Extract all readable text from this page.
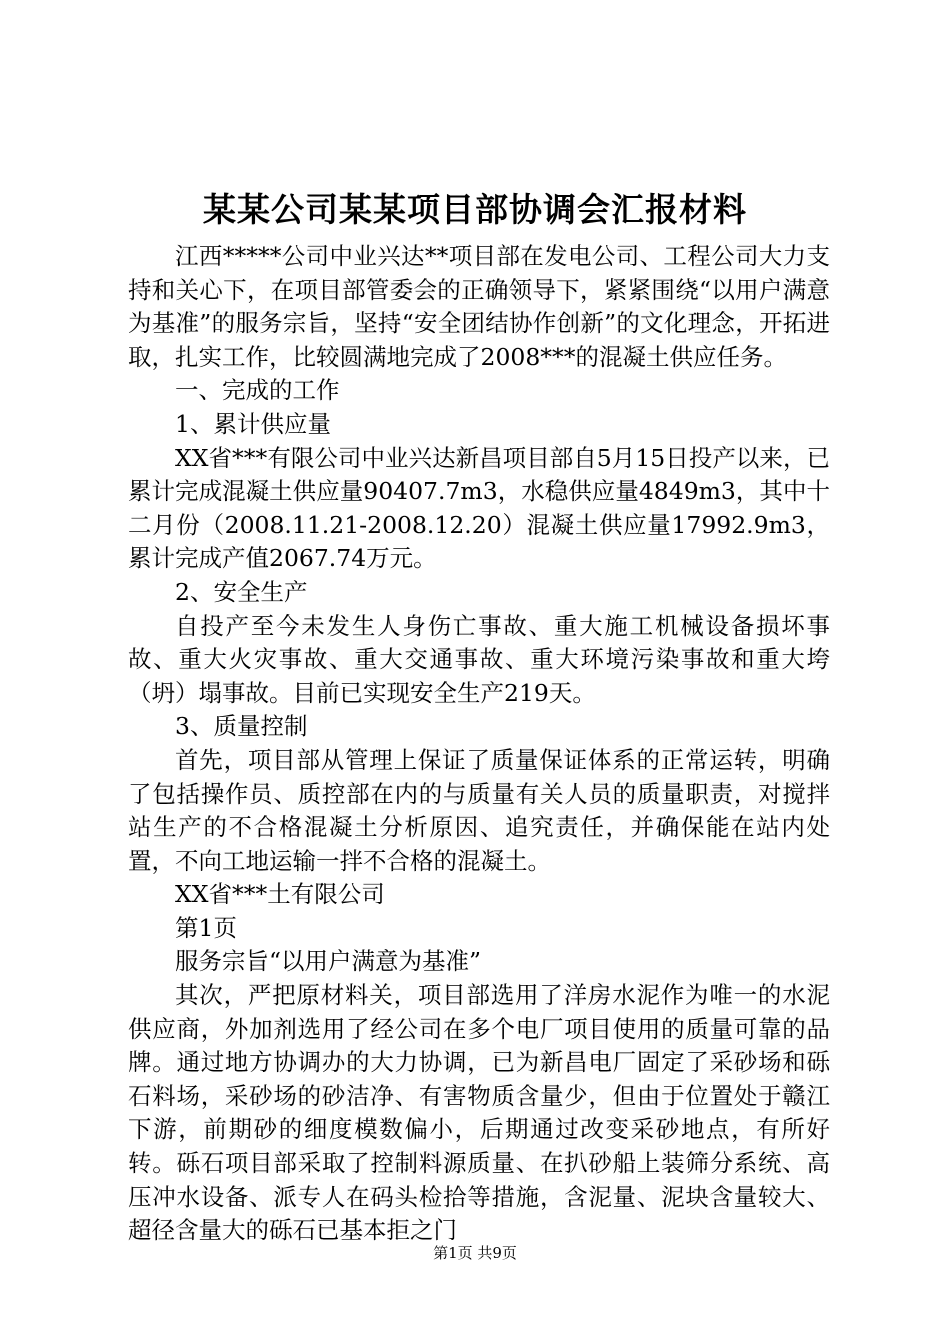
某某公司某某项目部协调会汇报材料

江西*****公司中业兴达**项目部在发电公司、工程公司大力支持和关心下，在项目部管委会的正确领导下，紧紧围绕“以用户满意为基准”的服务宗旨，坚持“安全团结协作创新”的文化理念，开拓进取，扎实工作，比较圆满地完成了2008***的混凝土供应任务。

一、完成的工作

1、累计供应量

XX省***有限公司中业兴达新昌项目部自5月15日投产以来，已累计完成混凝土供应量90407.7m3，水稳供应量4849m3，其中十二月份（2008.11.21-2008.12.20）混凝土供应量17992.9m3，累计完成产值2067.74万元。

2、安全生产

自投产至今未发生人身伤亡事故、重大施工机械设备损坏事故、重大火灾事故、重大交通事故、重大环境污染事故和重大垮（坍）塌事故。目前已实现安全生产219天。

3、质量控制

首先，项目部从管理上保证了质量保证体系的正常运转，明确了包括操作员、质控部在内的与质量有关人员的质量职责，对搅拌站生产的不合格混凝土分析原因、追究责任，并确保能在站内处置，不向工地运输一拌不合格的混凝土。

XX省***土有限公司

第1页

服务宗旨“以用户满意为基准”

其次，严把原材料关，项目部选用了洋房水泥作为唯一的水泥供应商，外加剂选用了经公司在多个电厂项目使用的质量可靠的品牌。通过地方协调办的大力协调，已为新昌电厂固定了采砂场和砾石料场，采砂场的砂洁净、有害物质含量少，但由于位置处于赣江下游，前期砂的细度模数偏小，后期通过改变采砂地点，有所好转。砾石项目部采取了控制料源质量、在扒砂船上装筛分系统、高压冲水设备、派专人在码头检拾等措施，含泥量、泥块含量较大、超径含量大的砾石已基本拒之门

第1页 共9页
